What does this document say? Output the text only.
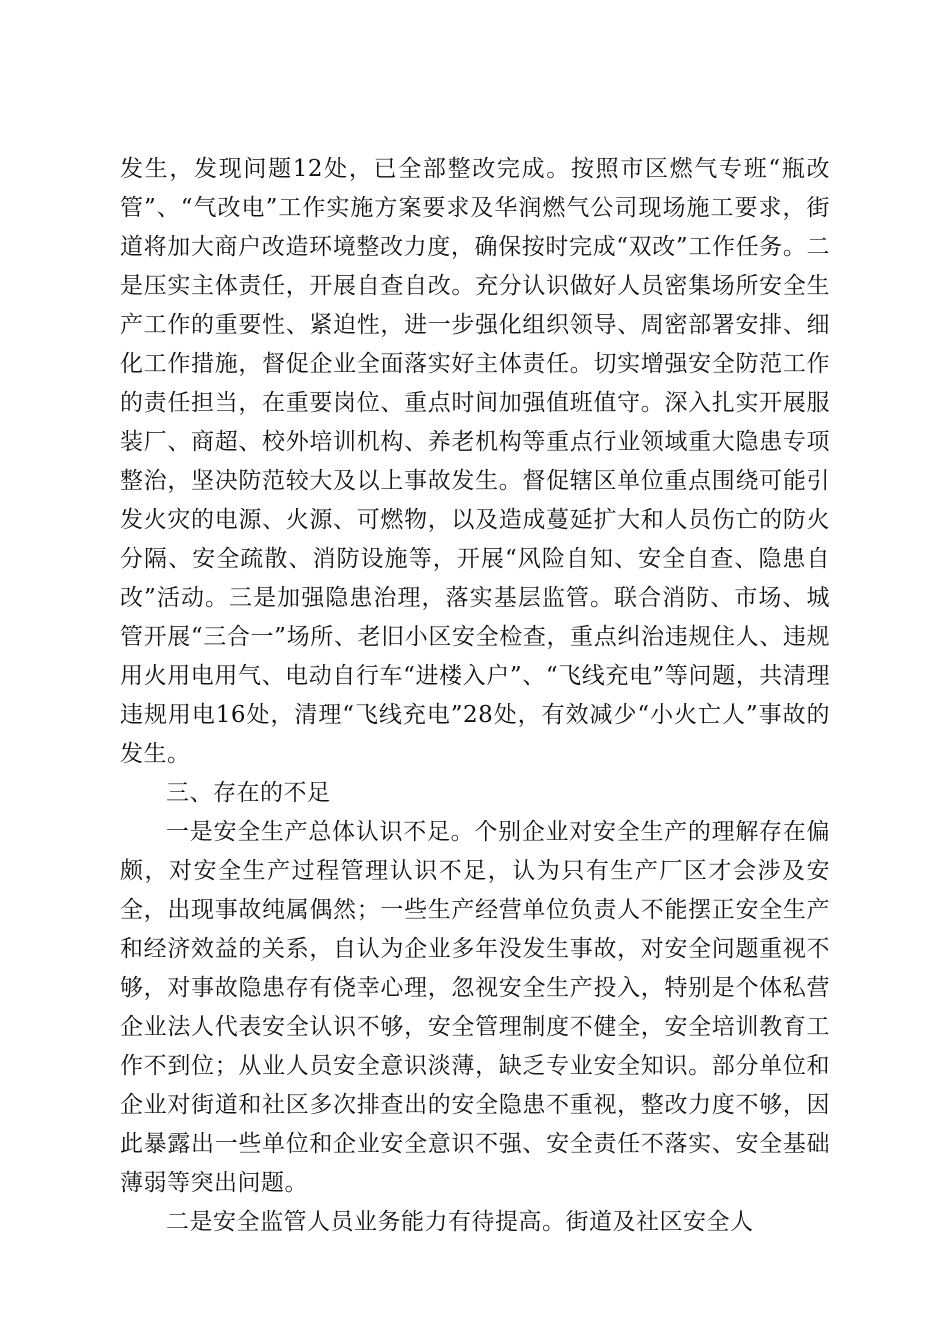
发生，发现问题12处，已全部整改完成。按照市区燃气专班“瓶改管”、“气改电”工作实施方案要求及华润燃气公司现场施工要求，街道将加大商户改造环境整改力度，确保按时完成“双改”工作任务。二是压实主体责任，开展自查自改。充分认识做好人员密集场所安全生产工作的重要性、紧迫性，进一步强化组织领导、周密部署安排、细化工作措施，督促企业全面落实好主体责任。切实增强安全防范工作的责任担当，在重要岗位、重点时间加强值班值守。深入扎实开展服装厂、商超、校外培训机构、养老机构等重点行业领域重大隐患专项整治，坚决防范较大及以上事故发生。督促辖区单位重点围绕可能引发火灾的电源、火源、可燃物，以及造成蔓延扩大和人员伤亡的防火分隔、安全疏散、消防设施等，开展“风险自知、安全自查、隐患自改”活动。三是加强隐患治理，落实基层监管。联合消防、市场、城管开展“三合一”场所、老旧小区安全检查，重点纠治违规住人、违规用火用电用气、电动自行车“进楼入户”、“飞线充电”等问题，共清理违规用电16处，清理“飞线充电”28处，有效减少“小火亡人”事故的发生。

三、存在的不足

一是安全生产总体认识不足。个别企业对安全生产的理解存在偏颇，对安全生产过程管理认识不足，认为只有生产厂区才会涉及安全，出现事故纯属偶然；一些生产经营单位负责人不能摆正安全生产和经济效益的关系，自认为企业多年没发生事故，对安全问题重视不够，对事故隐患存有侥幸心理，忽视安全生产投入，特别是个体私营企业法人代表安全认识不够，安全管理制度不健全，安全培训教育工作不到位；从业人员安全意识淡薄，缺乏专业安全知识。部分单位和企业对街道和社区多次排查出的安全隐患不重视，整改力度不够，因此暴露出一些单位和企业安全意识不强、安全责任不落实、安全基础薄弱等突出问题。

二是安全监管人员业务能力有待提高。街道及社区安全人
